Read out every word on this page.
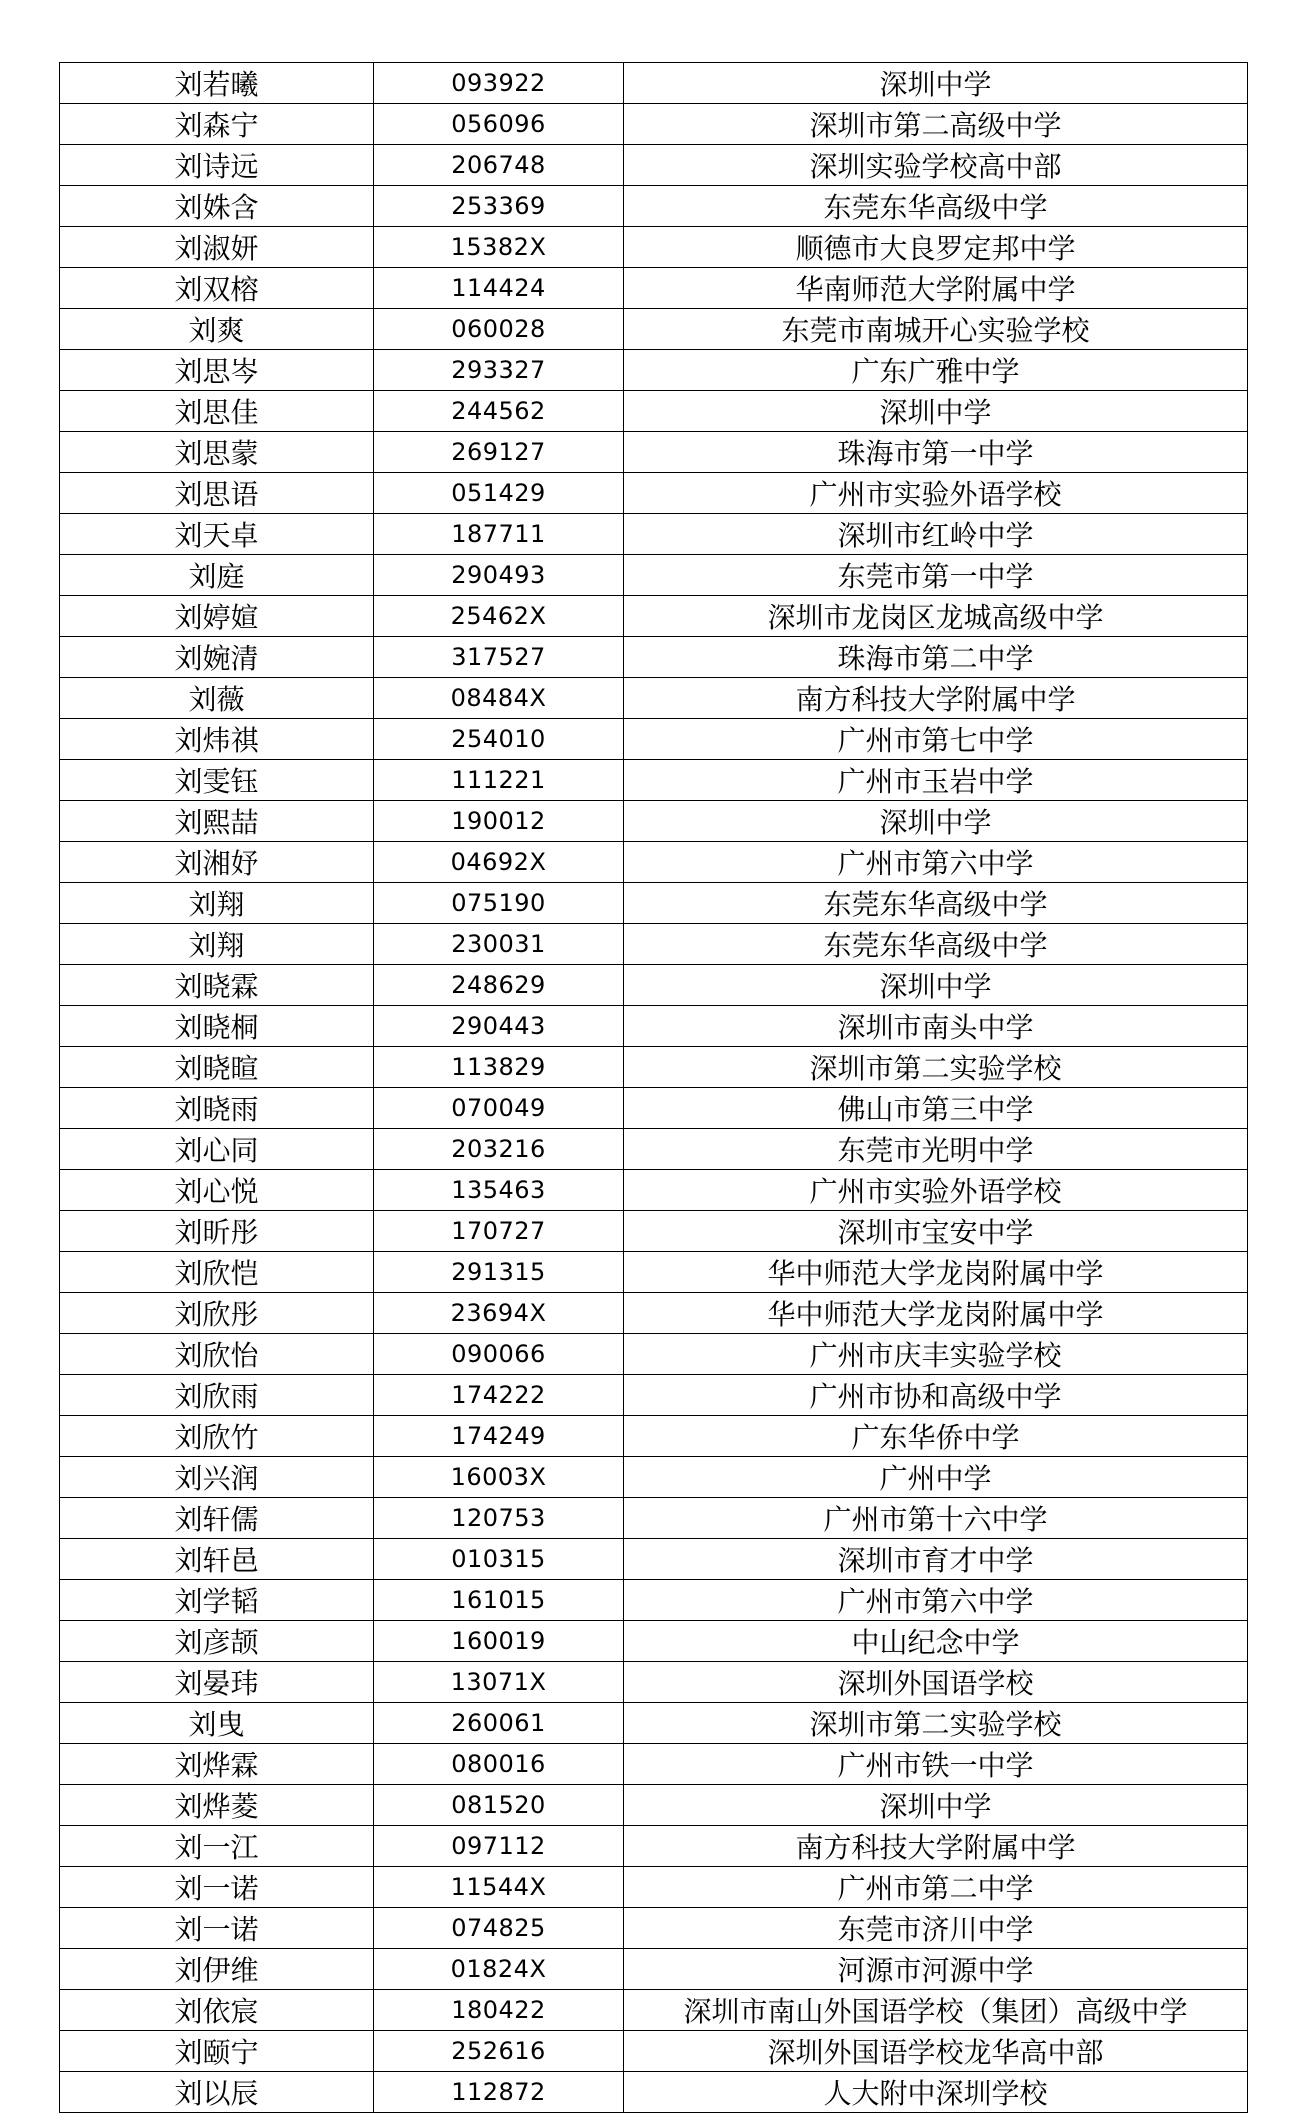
刘若曦	093922	深圳中学
刘森宁	056096	深圳市第二高级中学
刘诗远	206748	深圳实验学校高中部
刘姝含	253369	东莞东华高级中学
刘淑妍	15382X	顺德市大良罗定邦中学
刘双榕	114424	华南师范大学附属中学
刘爽	060028	东莞市南城开心实验学校
刘思岑	293327	广东广雅中学
刘思佳	244562	深圳中学
刘思蒙	269127	珠海市第一中学
刘思语	051429	广州市实验外语学校
刘天卓	187711	深圳市红岭中学
刘庭	290493	东莞市第一中学
刘婷媗	25462X	深圳市龙岗区龙城高级中学
刘婉清	317527	珠海市第二中学
刘薇	08484X	南方科技大学附属中学
刘炜祺	254010	广州市第七中学
刘雯钰	111221	广州市玉岩中学
刘熙喆	190012	深圳中学
刘湘妤	04692X	广州市第六中学
刘翔	075190	东莞东华高级中学
刘翔	230031	东莞东华高级中学
刘晓霖	248629	深圳中学
刘晓桐	290443	深圳市南头中学
刘晓暄	113829	深圳市第二实验学校
刘晓雨	070049	佛山市第三中学
刘心同	203216	东莞市光明中学
刘心悦	135463	广州市实验外语学校
刘昕彤	170727	深圳市宝安中学
刘欣恺	291315	华中师范大学龙岗附属中学
刘欣彤	23694X	华中师范大学龙岗附属中学
刘欣怡	090066	广州市庆丰实验学校
刘欣雨	174222	广州市协和高级中学
刘欣竹	174249	广东华侨中学
刘兴润	16003X	广州中学
刘轩儒	120753	广州市第十六中学
刘轩邑	010315	深圳市育才中学
刘学韬	161015	广州市第六中学
刘彦颉	160019	中山纪念中学
刘晏玮	13071X	深圳外国语学校
刘曳	260061	深圳市第二实验学校
刘烨霖	080016	广州市铁一中学
刘烨菱	081520	深圳中学
刘一江	097112	南方科技大学附属中学
刘一诺	11544X	广州市第二中学
刘一诺	074825	东莞市济川中学
刘伊维	01824X	河源市河源中学
刘依宸	180422	深圳市南山外国语学校（集团）高级中学
刘颐宁	252616	深圳外国语学校龙华高中部
刘以辰	112872	人大附中深圳学校
